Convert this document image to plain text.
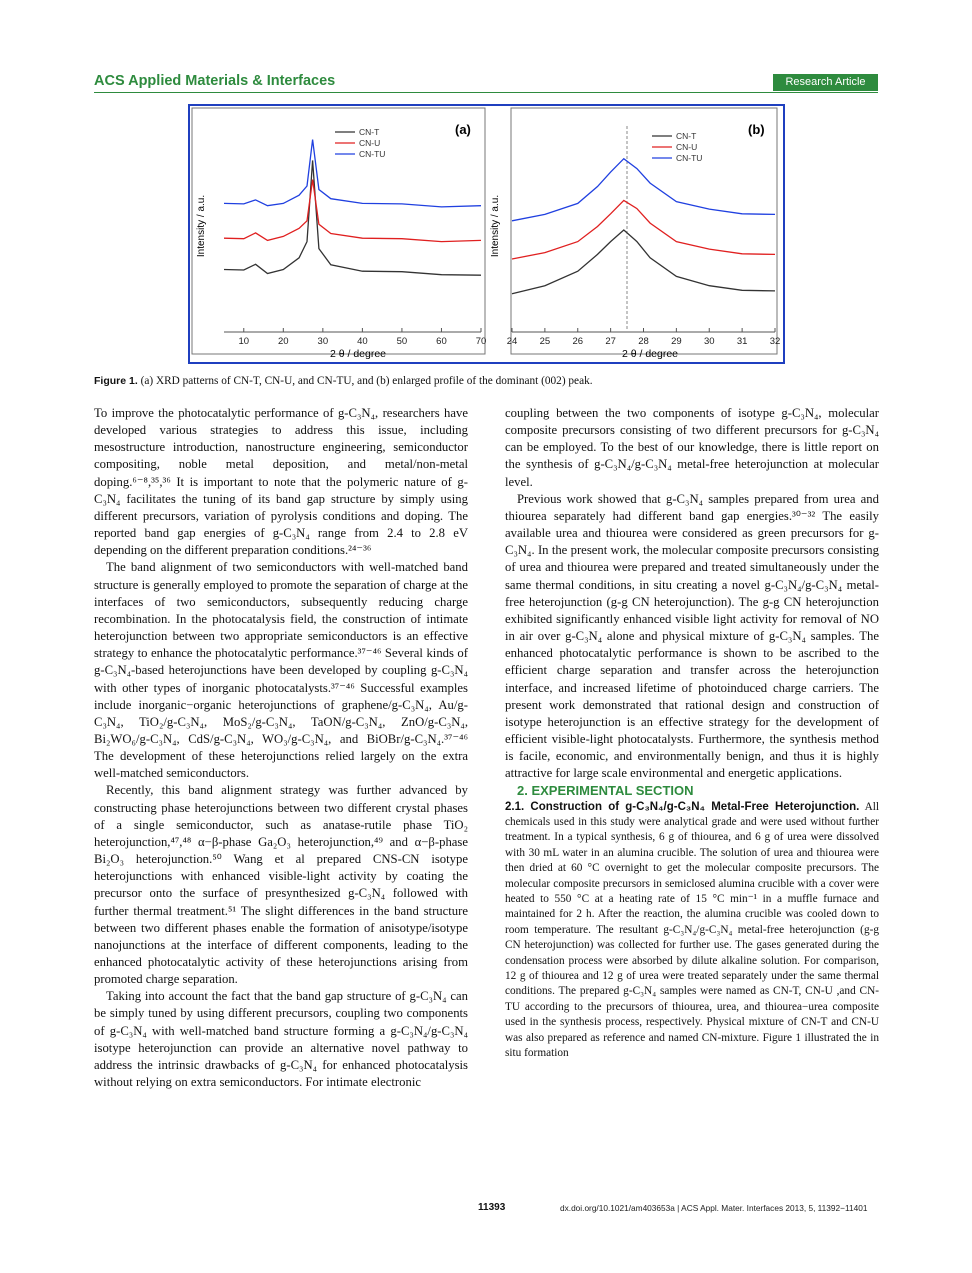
ACS Applied Materials & Interfaces	Research Article
(a)	(b)
Intensity / a.u.	Intensity / a.u.
2 θ / degree	2 θ / degree
10	20	30	40	50	60	70
CN-T
CN-U
CN-TU
24 25 26 27 28 29 30 31 32
CN-T
CN-U
CN-TU
Figure 1. (a) XRD patterns of CN-T, CN-U, and CN-TU, and (b) enlarged profile of the dominant (002) peak.

To improve the photocatalytic performance of g-C₃N₄, researchers have developed various strategies to address this issue, including mesostructure introduction, nanostructure engineering, semiconductor compositing, noble metal deposition, and metal/non-metal doping.⁶⁻⁸,³⁵,³⁶ It is important to note that the polymeric nature of g-C₃N₄ facilitates the tuning of its band gap structure by simply using different precursors, variation of pyrolysis conditions and doping. The reported band gap energies of g-C₃N₄ range from 2.4 to 2.8 eV depending on the different preparation conditions.²⁴⁻³⁶

The band alignment of two semiconductors with well-matched band structure is generally employed to promote the separation of charge at the interfaces of two semiconductors, subsequently reducing charge recombination. In the photocatalysis field, the construction of intimate heterojunction between two appropriate semiconductors is an effective strategy to enhance the photocatalytic performance.³⁷⁻⁴⁶ Several kinds of g-C₃N₄-based heterojunctions have been developed by coupling g-C₃N₄ with other types of inorganic photocatalysts.³⁷⁻⁴⁶ Successful examples include inorganic−organic heterojunctions of graphene/g-C₃N₄, Au/g-C₃N₄, TiO₂/g-C₃N₄, MoS₂/g-C₃N₄, TaON/g-C₃N₄, ZnO/g-C₃N₄, Bi₂WO₆/g-C₃N₄, CdS/g-C₃N₄, WO₃/g-C₃N₄, and BiOBr/g-C₃N₄.³⁷⁻⁴⁶ The development of these heterojunctions relied largely on the extra well-matched semiconductors.

Recently, this band alignment strategy was further advanced by constructing phase heterojunctions between two different crystal phases of a single semiconductor, such as anatase-rutile phase TiO₂ heterojunction,⁴⁷,⁴⁸ α−β-phase Ga₂O₃ heterojunction,⁴⁹ and α−β-phase Bi₂O₃ heterojunction.⁵⁰ Wang et al prepared CNS-CN isotype heterojunctions with enhanced visible-light activity by coating the precursor onto the surface of presynthesized g-C₃N₄ followed with further thermal treatment.⁵¹ The slight differences in the band structure between two different phases enable the formation of anisotype/isotype nanojunctions at the interface of different components, leading to the enhanced photocatalytic activity of these heterojunctions arising from promoted charge separation.

Taking into account the fact that the band gap structure of g-C₃N₄ can be simply tuned by using different precursors, coupling two components of g-C₃N₄ with well-matched band structure forming a g-C₃N₄/g-C₃N₄ isotype heterojunction can provide an alternative novel pathway to address the intrinsic drawbacks of g-C₃N₄ for enhanced photocatalysis without relying on extra semiconductors. For intimate electronic

coupling between the two components of isotype g-C₃N₄, molecular composite precursors consisting of two different precursors for g-C₃N₄ can be employed. To the best of our knowledge, there is little report on the synthesis of g-C₃N₄/g-C₃N₄ metal-free heterojunction at molecular level.

Previous work showed that g-C₃N₄ samples prepared from urea and thiourea separately had different band gap energies.³⁰⁻³² The easily available urea and thiourea were considered as green precursors for g-C₃N₄. In the present work, the molecular composite precursors consisting of urea and thiourea were prepared and treated simultaneously under the same thermal conditions, in situ creating a novel g-C₃N₄/g-C₃N₄ metal-free heterojunction (g-g CN heterojunction). The g-g CN heterojunction exhibited significantly enhanced visible light activity for removal of NO in air over g-C₃N₄ alone and physical mixture of g-C₃N₄ samples. The enhanced photocatalytic performance is shown to be ascribed to the efficient charge separation and transfer across the heterojunction interface, and increased lifetime of photoinduced charge carriers. The present work demonstrated that rational design and construction of isotype heterojunction is an effective strategy for the development of efficient visible-light photocatalysts. Furthermore, the synthesis method is facile, economic, and environmentally benign, and thus it is highly attractive for large scale environmental and energetic applications.

2. EXPERIMENTAL SECTION

2.1. Construction of g-C₃N₄/g-C₃N₄ Metal-Free Heterojunction. All chemicals used in this study were analytical grade and were used without further treatment. In a typical synthesis, 6 g of thiourea, and 6 g of urea were dissolved with 30 mL water in an alumina crucible. The solution of urea and thiourea were then dried at 60 °C overnight to get the molecular composite precursors. The molecular composite precursors in semiclosed alumina crucible with a cover were heated to 550 °C at a heating rate of 15 °C min⁻¹ in a muffle furnace and maintained for 2 h. After the reaction, the alumina crucible was cooled down to room temperature. The resultant g-C₃N₄/g-C₃N₄ metal-free heterojunction (g-g CN heterojunction) was collected for further use. The gases generated during the condensation process were absorbed by dilute alkaline solution. For comparison, 12 g of thiourea and 12 g of urea were treated separately under the same thermal conditions. The prepared g-C₃N₄ samples were named as CN-T, CN-U ,and CN-TU according to the precursors of thiourea, urea, and thiourea−urea composite used in the synthesis process, respectively. Physical mixture of CN-T and CN-U was also prepared as reference and named CN-mixture. Figure 1 illustrated the in situ formation

11393	dx.doi.org/10.1021/am403653a | ACS Appl. Mater. Interfaces 2013, 5, 11392−11401
